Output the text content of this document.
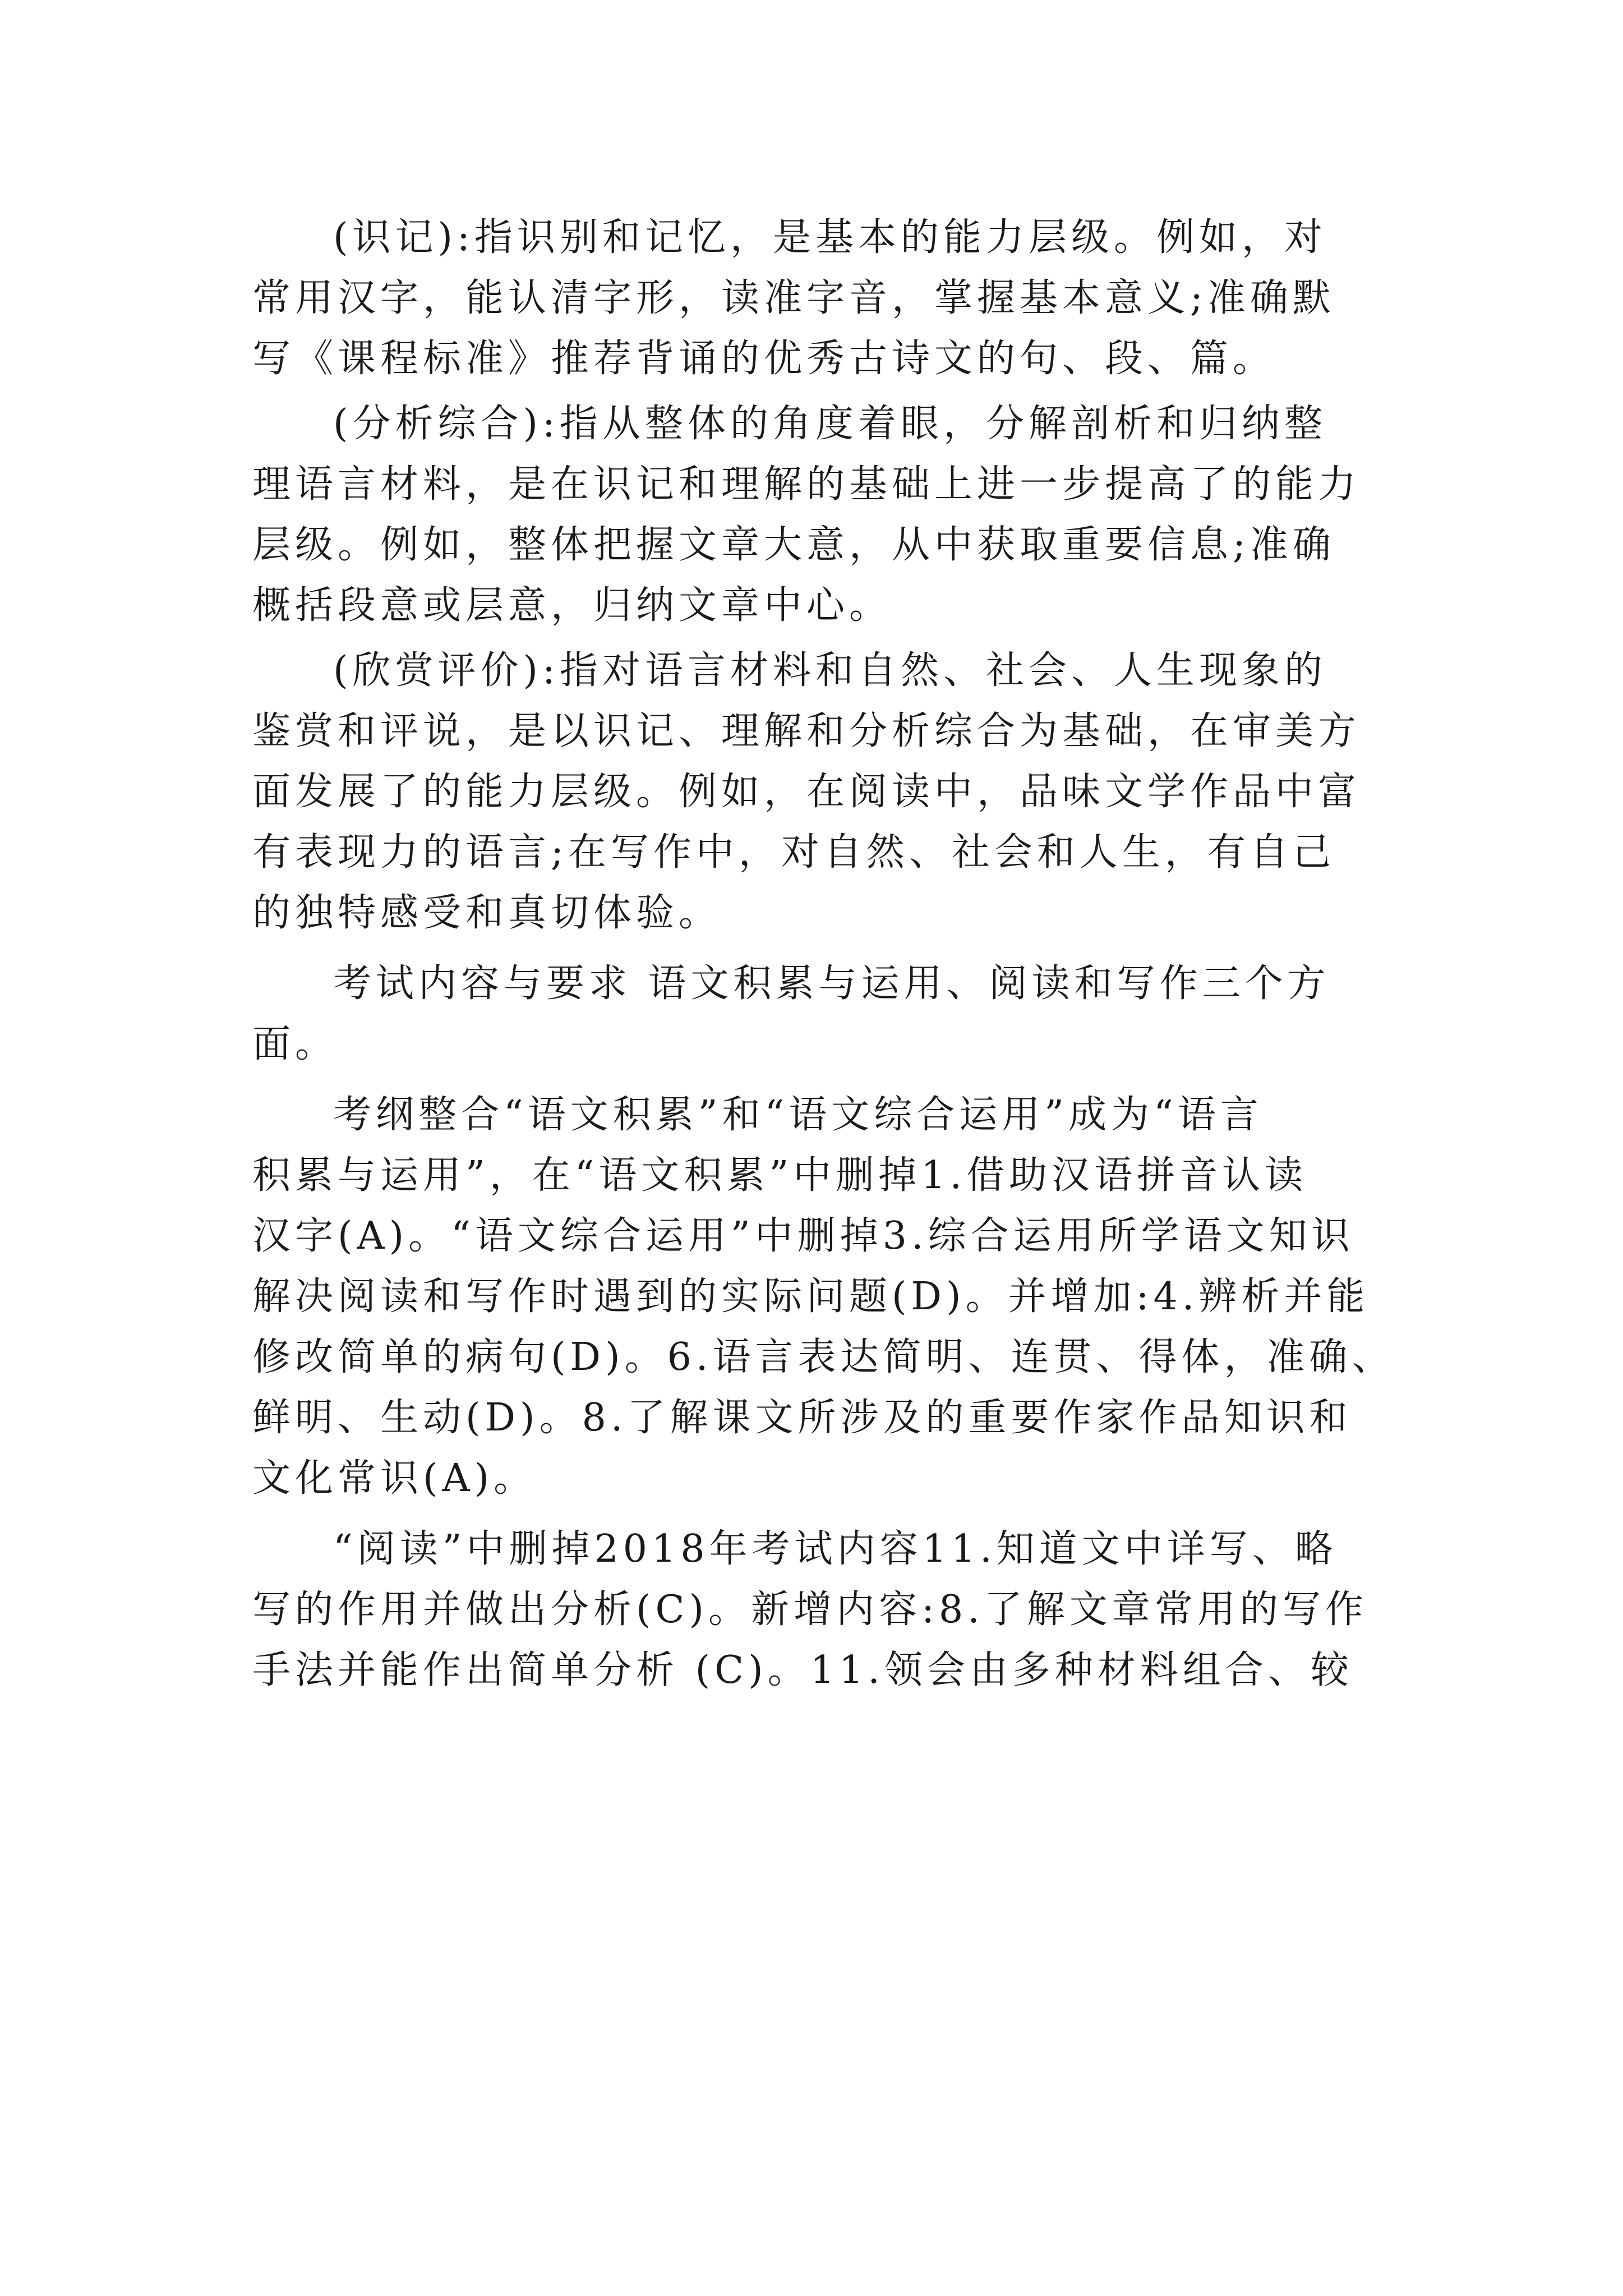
(识记):指识别和记忆，是基本的能力层级。例如，对
常用汉字，能认清字形，读准字音，掌握基本意义;准确默
写《课程标准》推荐背诵的优秀古诗文的句、段、篇。
(分析综合):指从整体的角度着眼，分解剖析和归纳整
理语言材料，是在识记和理解的基础上进一步提高了的能力
层级。例如，整体把握文章大意，从中获取重要信息;准确
概括段意或层意，归纳文章中心。
(欣赏评价):指对语言材料和自然、社会、人生现象的
鉴赏和评说，是以识记、理解和分析综合为基础，在审美方
面发展了的能力层级。例如，在阅读中，品味文学作品中富
有表现力的语言;在写作中，对自然、社会和人生，有自己
的独特感受和真切体验。
考试内容与要求 语文积累与运用、阅读和写作三个方
面。
考纲整合“语文积累”和“语文综合运用”成为“语言
积累与运用”，在“语文积累”中删掉1.借助汉语拼音认读
汉字(A)。“语文综合运用”中删掉3.综合运用所学语文知识
解决阅读和写作时遇到的实际问题(D)。并增加:4.辨析并能
修改简单的病句(D)。6.语言表达简明、连贯、得体，准确、
鲜明、生动(D)。8.了解课文所涉及的重要作家作品知识和
文化常识(A)。
“阅读”中删掉2018年考试内容11.知道文中详写、略
写的作用并做出分析(C)。新增内容:8.了解文章常用的写作
手法并能作出简单分析 (C)。11.领会由多种材料组合、较
